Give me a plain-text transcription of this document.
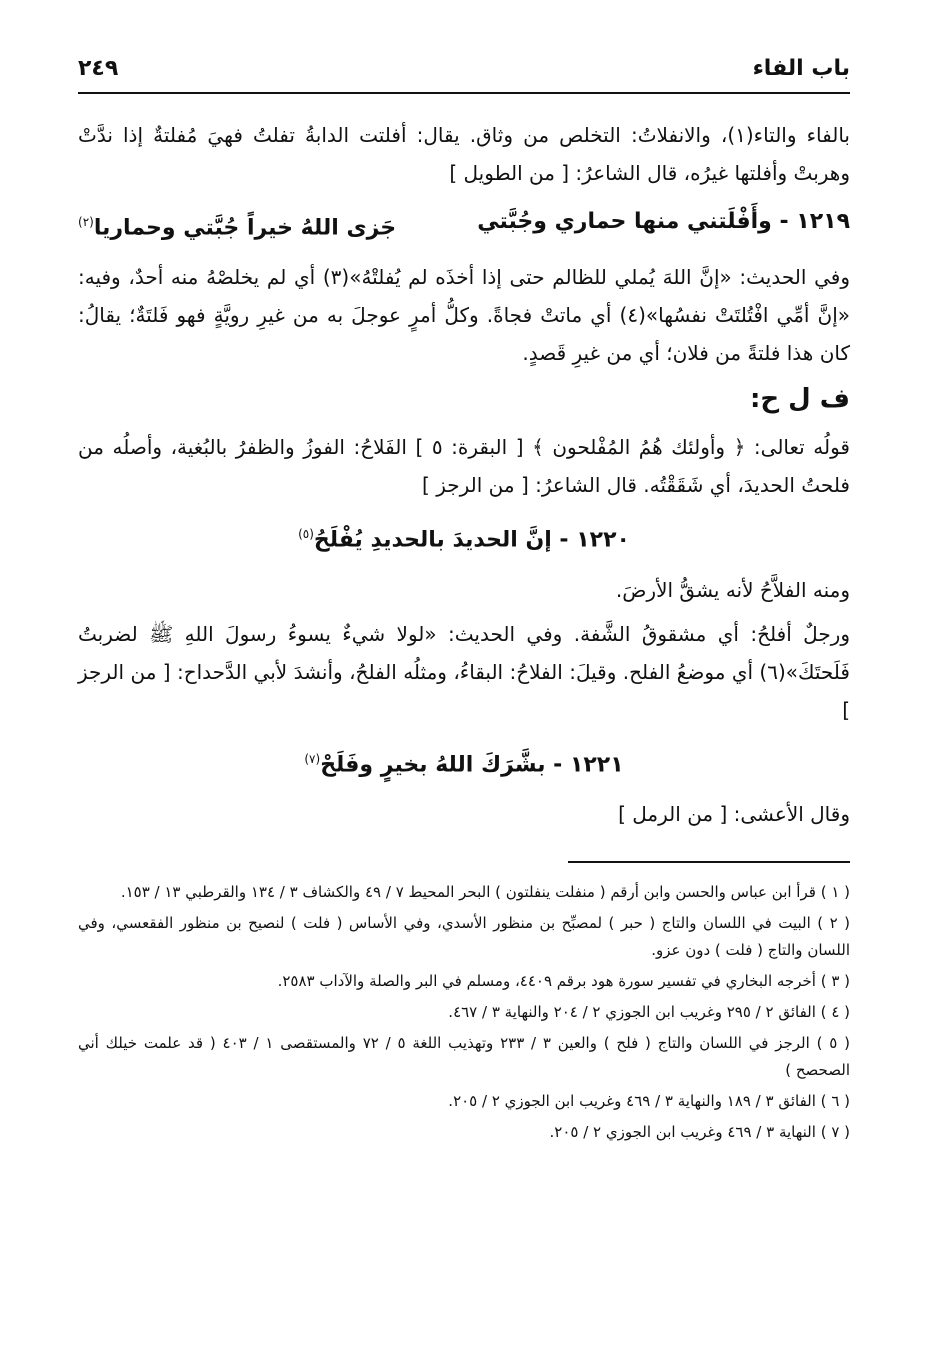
باب الفاء
٢٤٩

بالفاء والتاء(١)، والانفلاتُ: التخلص من وثاق. يقال: أفلتت الدابةُ تفلتُ فهيَ مُفلتةٌ إذا ندَّتْ وهربتْ وأفلتها غيرُه، قال الشاعرُ: [ من الطويل ]

١٢١٩ - وأَفْلَتني منها حماري وجُبَّتي
جَزى اللهُ خيراً جُبَّتي وحماريا$^{(٢)}$

وفي الحديث: «إنَّ اللهَ يُملي للظالم حتى إذا أخذَه لم يُفلتْهُ»(٣) أي لم يخلصْهُ منه أحدٌ، وفيه: «إنَّ أمِّي افْتُلتَتْ نفسُها»(٤) أي ماتتْ فجاةً. وكلُّ أمرٍ عوجلَ به من غيرِ رويَّةٍ فهو فَلتَةٌ؛ يقالُ: كان هذا فلتةً من فلان؛ أي من غيرِ قَصدٍ.

ف ل ح:

قولُه تعالى: ﴿ وأولئك هُمُ المُفْلحون ﴾ [ البقرة: ٥ ] الفَلاحُ: الفوزُ والظفرُ بالبُغية، وأصلُه من فلحتُ الحديدَ، أي شَقَقْتُه. قال الشاعرُ: [ من الرجز ]

١٢٢٠ - إنَّ الحديدَ بالحديدِ يُفْلَحُ$^{(٥)}$

ومنه الفلاَّحُ لأنه يشقُّ الأرضَ.

ورجلٌ أفلحُ: أي مشقوقُ الشَّفة. وفي الحديث: «لولا شيءٌ يسوءُ رسولَ اللهِ ﷺ لضربتُ فَلَحتَكَ»(٦) أي موضعُ الفلح. وقيلَ: الفلاحُ: البقاءُ، ومثلُه الفلحُ، وأنشدَ لأبي الدَّحداح: [ من الرجز ]

١٢٢١ - بشَّرَكَ اللهُ بخيرٍ وفَلَحْ$^{(٧)}$

وقال الأعشى: [ من الرمل ]

( ١ ) قرأ ابن عباس والحسن وابن أرقم ( منفلت ينفلتون ) البحر المحيط ٧ / ٤٩ والكشاف ٣ / ١٣٤ والقرطبي ١٣ / ١٥٣.

( ٢ ) البيت في اللسان والتاج ( حبر ) لمصبِّح بن منظور الأسدي، وفي الأساس ( فلت ) لنصيح بن منظور الفقعسي، وفي اللسان والتاج ( فلت ) دون عزو.

( ٣ ) أخرجه البخاري في تفسير سورة هود برقم ٤٤٠٩، ومسلم في البر والصلة والآداب ٢٥٨٣.

( ٤ ) الفائق ٢ / ٢٩٥ وغريب ابن الجوزي ٢ / ٢٠٤ والنهاية ٣ / ٤٦٧.

( ٥ ) الرجز في اللسان والتاج ( فلح ) والعين ٣ / ٢٣٣ وتهذيب اللغة ٥ / ٧٢ والمستقصى ١ / ٤٠٣ ( قد علمت خيلك أني الصحصح )

( ٦ ) الفائق ٣ / ١٨٩ والنهاية ٣ / ٤٦٩ وغريب ابن الجوزي ٢ / ٢٠٥.

( ٧ ) النهاية ٣ / ٤٦٩ وغريب ابن الجوزي ٢ / ٢٠٥.
